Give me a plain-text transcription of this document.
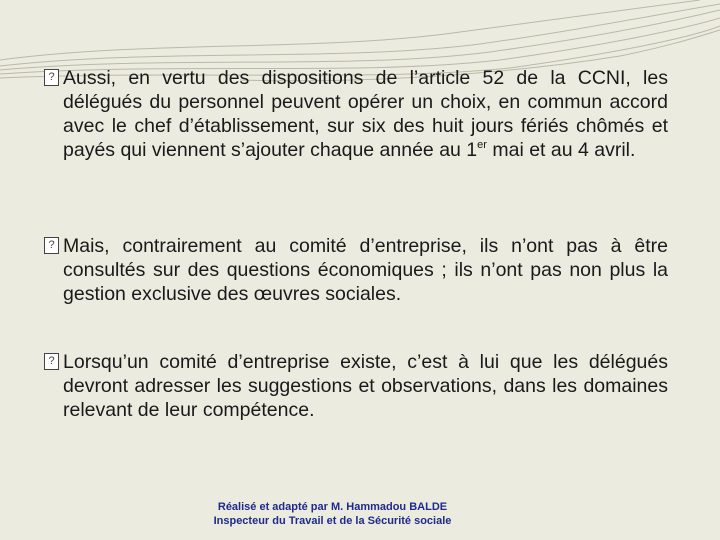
? Aussi, en vertu des dispositions de l’article 52 de la CCNI, les délégués du personnel peuvent opérer un choix, en commun accord avec le chef d’établissement, sur six des huit jours fériés chômés et payés qui viennent s’ajouter chaque année au 1er mai et au 4 avril.

? Mais, contrairement au comité d’entreprise, ils n’ont pas à être consultés sur des questions économiques ; ils n’ont pas non plus la gestion exclusive des œuvres sociales.

? Lorsqu’un comité d’entreprise existe, c’est à lui que les délégués devront adresser les suggestions et observations, dans les domaines relevant de leur compétence.

Réalisé et adapté par M. Hammadou BALDE
Inspecteur du Travail et de la Sécurité sociale
